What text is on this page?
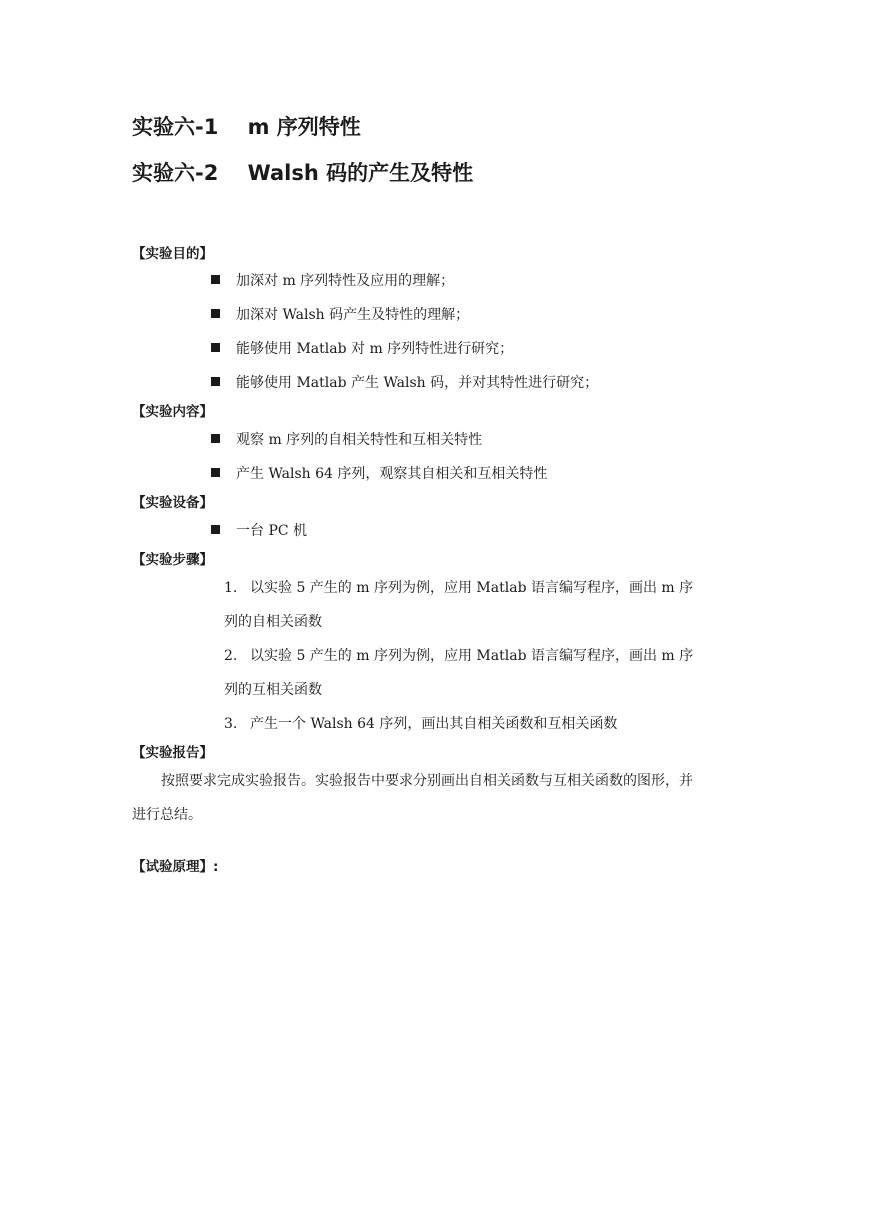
实验六-1    m 序列特性
实验六-2    Walsh 码的产生及特性
【实验目的】
加深对 m 序列特性及应用的理解；
加深对 Walsh 码产生及特性的理解；
能够使用 Matlab 对 m 序列特性进行研究；
能够使用 Matlab 产生 Walsh 码，并对其特性进行研究；
【实验内容】
观察 m 序列的自相关特性和互相关特性
产生 Walsh 64 序列，观察其自相关和互相关特性
【实验设备】
一台 PC 机
【实验步骤】
1. 以实验 5 产生的 m 序列为例，应用 Matlab 语言编写程序，画出 m 序
列的自相关函数
2. 以实验 5 产生的 m 序列为例，应用 Matlab 语言编写程序，画出 m 序
列的互相关函数
3. 产生一个 Walsh 64 序列，画出其自相关函数和互相关函数
【实验报告】
按照要求完成实验报告。实验报告中要求分别画出自相关函数与互相关函数的图形，并
进行总结。
【试验原理】:
